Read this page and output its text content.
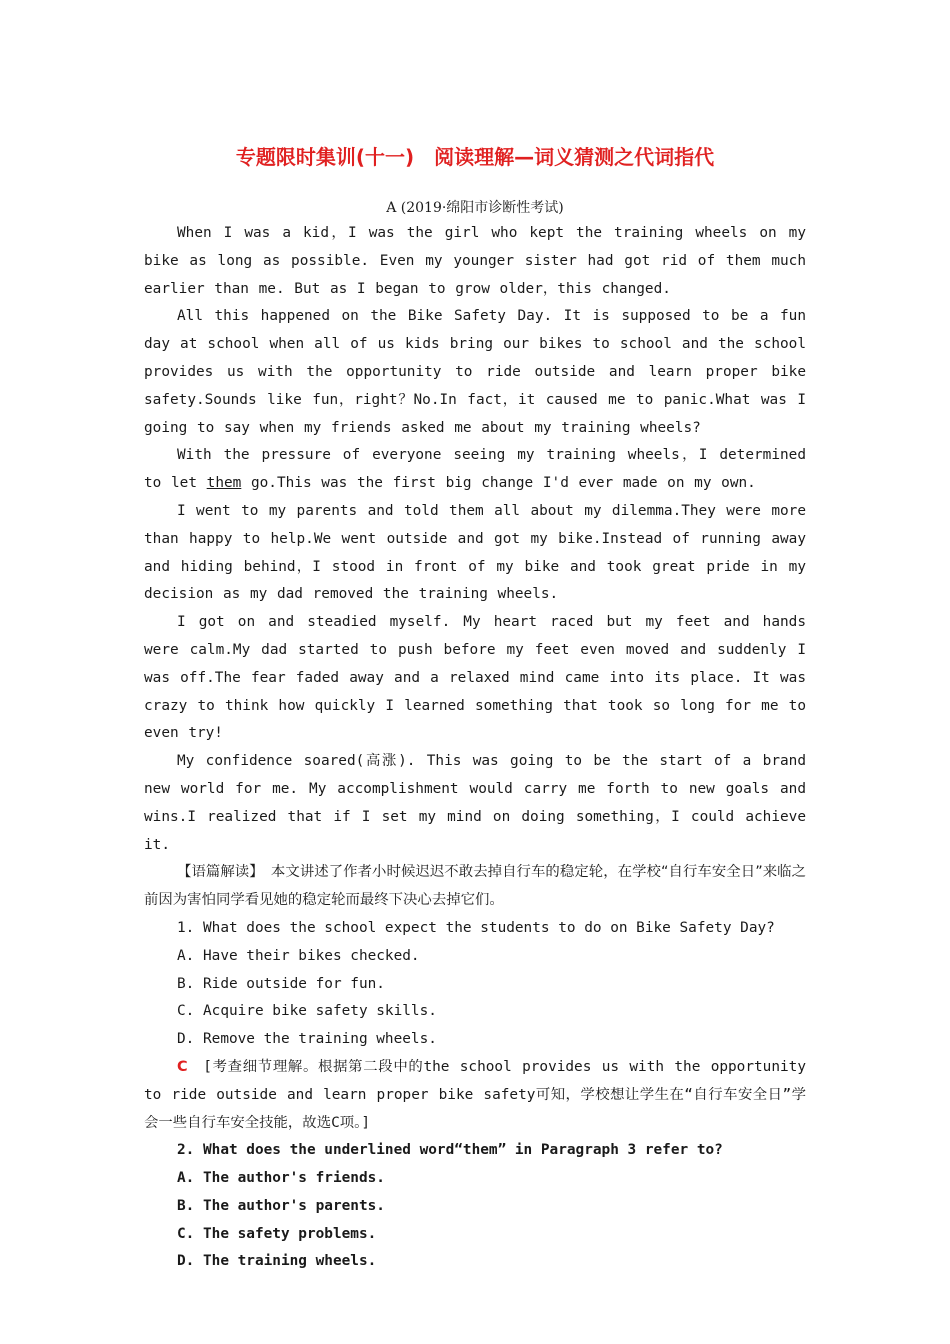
专题限时集训(十一)　阅读理解—词义猜测之代词指代
A (2019·绵阳市诊断性考试)

When I was a kid，I was the girl who kept the training wheels on my bike as long as possible. Even my younger sister had got rid of them much earlier than me. But as I began to grow older，this changed.

All this happened on the Bike Safety Day. It is supposed to be a fun day at school when all of us kids bring our bikes to school and the school provides us with the opportunity to ride outside and learn proper bike safety.Sounds like fun，right？No.In fact，it caused me to panic.What was I going to say when my friends asked me about my training wheels?

With the pressure of everyone seeing my training wheels，I determined to let them go.This was the first big change I'd ever made on my own.

I went to my parents and told them all about my dilemma.They were more than happy to help.We went outside and got my bike.Instead of running away and hiding behind，I stood in front of my bike and took great pride in my decision as my dad removed the training wheels.

I got on and steadied myself. My heart raced but my feet and hands were calm.My dad started to push before my feet even moved and suddenly I was off.The fear faded away and a relaxed mind came into its place. It was crazy to think how quickly I learned something that took so long for me to even try!

My confidence soared(高涨). This was going to be the start of a brand new world for me. My accomplishment would carry me forth to new goals and wins.I realized that if I set my mind on doing something，I could achieve it.

【语篇解读】　本文讲述了作者小时候迟迟不敢去掉自行车的稳定轮，在学校“自行车安全日”来临之前因为害怕同学看见她的稳定轮而最终下决心去掉它们。

1. What does the school expect the students to do on Bike Safety Day?

A. Have their bikes checked.

B. Ride outside for fun.

C. Acquire bike safety skills.

D. Remove the training wheels.

C　[考查细节理解。根据第二段中的the school provides us with the opportunity to ride outside and learn proper bike safety可知，学校想让学生在“自行车安全日”学会一些自行车安全技能，故选C项。]

2. What does the underlined word“them” in Paragraph 3 refer to?

A. The author's friends.

B. The author's parents.

C. The safety problems.

D. The training wheels.
